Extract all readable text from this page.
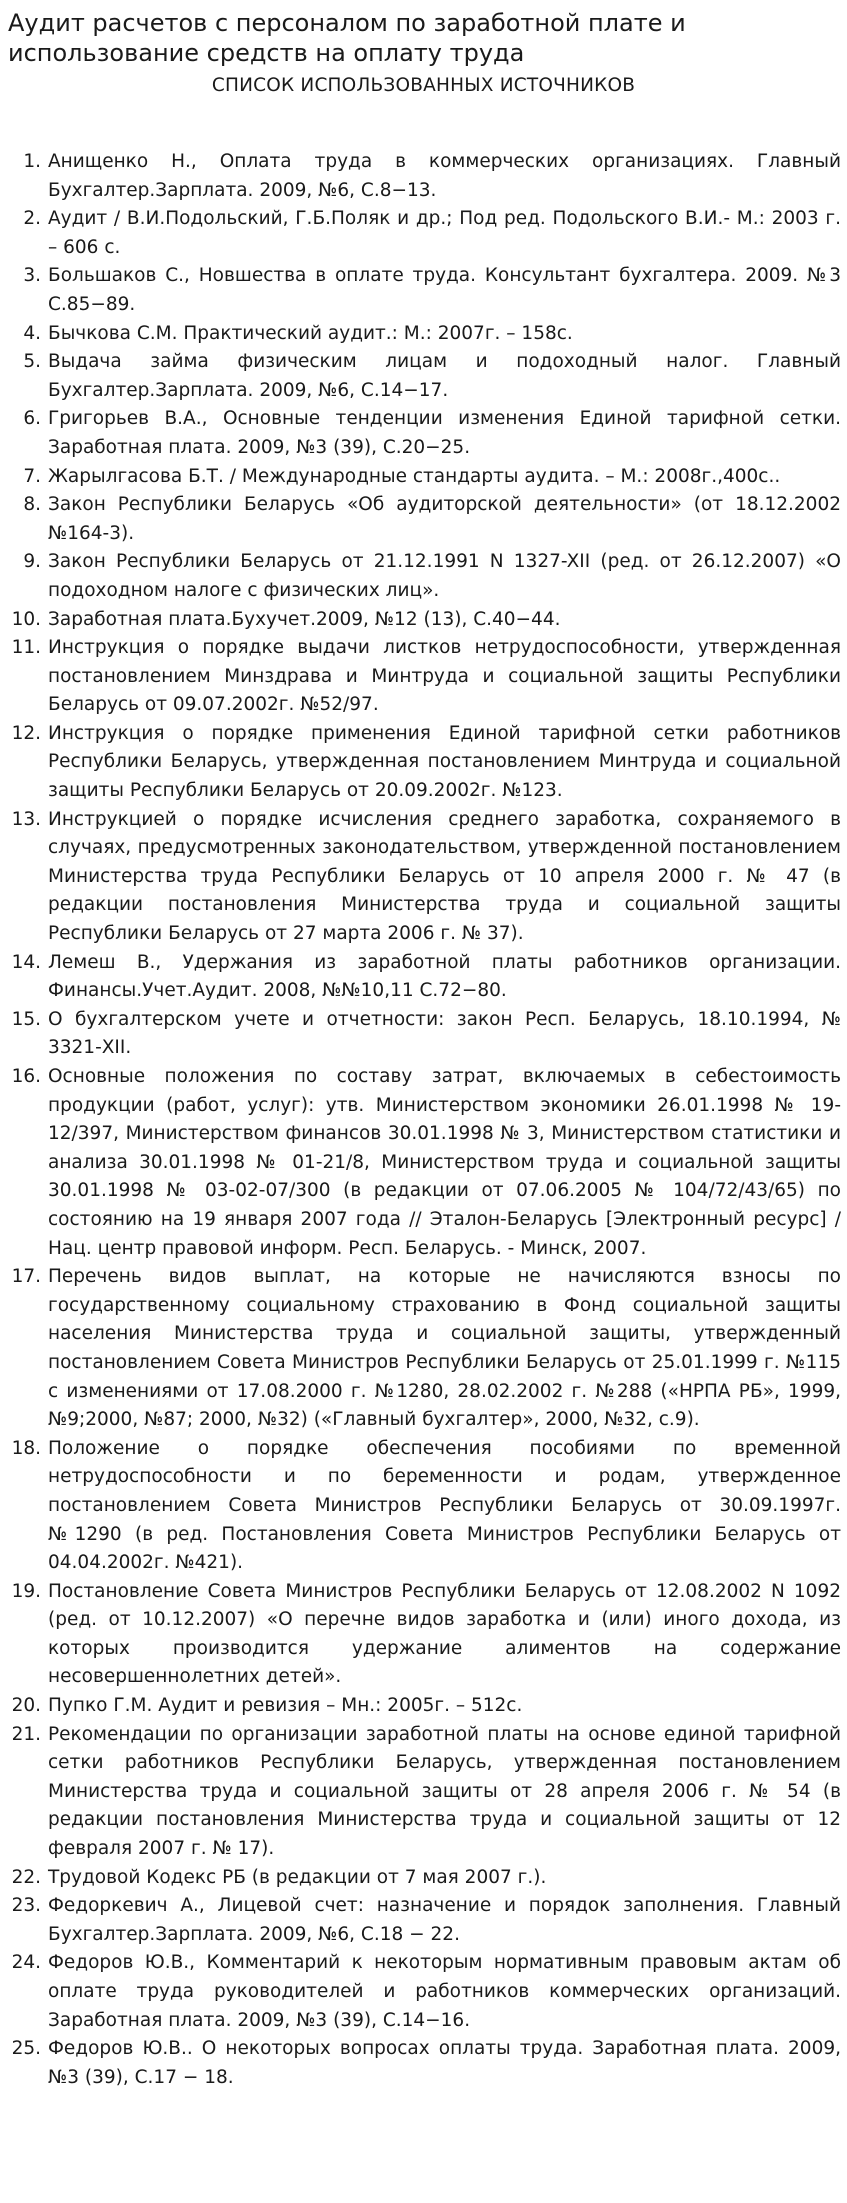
Аудит расчетов с персоналом по заработной плате и использование средств на оплату труда
СПИСОК ИСПОЛЬЗОВАННЫХ ИСТОЧНИКОВ
1. Анищенко Н., Оплата труда в коммерческих организациях. Главный Бухгалтер.Зарплата. 2009, №6, С.8−13.
2. Аудит / В.И.Подольский, Г.Б.Поляк и др.; Под ред. Подольского В.И.- М.: 2003 г. – 606 с.
3. Большаков С., Новшества в оплате труда. Консультант бухгалтера. 2009. №3 С.85−89.
4. Бычкова С.М. Практический аудит.: М.: 2007г. – 158с.
5. Выдача займа физическим лицам и подоходный налог. Главный Бухгалтер.Зарплата. 2009, №6, С.14−17.
6. Григорьев В.А., Основные тенденции изменения Единой тарифной сетки. Заработная плата. 2009, №3 (39), С.20−25.
7. Жарылгасова Б.Т. / Международные стандарты аудита. – М.: 2008г.,400с..
8. Закон Республики Беларусь «Об аудиторской деятельности» (от 18.12.2002 №164-3).
9. Закон Республики Беларусь от 21.12.1991 N 1327-XII (ред. от 26.12.2007) «О подоходном налоге с физических лиц».
10. Заработная плата.Бухучет.2009, №12 (13), С.40−44.
11. Инструкция о порядке выдачи листков нетрудоспособности, утвержденная постановлением Минздрава и Минтруда и социальной защиты Республики Беларусь от 09.07.2002г. №52/97.
12. Инструкция о порядке применения Единой тарифной сетки работников Республики Беларусь, утвержденная постановлением Минтруда и социальной защиты Республики Беларусь от 20.09.2002г. №123.
13. Инструкцией о порядке исчисления среднего заработка, сохраняемого в случаях, предусмотренных законодательством, утвержденной постановлением Министерства труда Республики Беларусь от 10 апреля 2000 г. № 47 (в редакции постановления Министерства труда и социальной защиты Республики Беларусь от 27 марта 2006 г. № 37).
14. Лемеш В., Удержания из заработной платы работников организации. Финансы.Учет.Аудит. 2008, №№10,11 С.72−80.
15. О бухгалтерском учете и отчетности: закон Респ. Беларусь, 18.10.1994, № 3321-XII.
16. Основные положения по составу затрат, включаемых в себестоимость продукции (работ, услуг): утв. Министерством экономики 26.01.1998 № 19-12/397, Министерством финансов 30.01.1998 № 3, Министерством статистики и анализа 30.01.1998 № 01-21/8, Министерством труда и социальной защиты 30.01.1998 № 03-02-07/300 (в редакции от 07.06.2005 № 104/72/43/65) по состоянию на 19 января 2007 года // Эталон-Беларусь [Электронный ресурс] / Нац. центр правовой информ. Респ. Беларусь. - Минск, 2007.
17. Перечень видов выплат, на которые не начисляются взносы по государственному социальному страхованию в Фонд социальной защиты населения Министерства труда и социальной защиты, утвержденный постановлением Совета Министров Республики Беларусь от 25.01.1999 г. №115 с изменениями от 17.08.2000 г. №1280, 28.02.2002 г. №288 («НРПА РБ», 1999, №9;2000, №87; 2000, №32) («Главный бухгалтер», 2000, №32, с.9).
18. Положение о порядке обеспечения пособиями по временной нетрудоспособности и по беременности и родам, утвержденное постановлением Совета Министров Республики Беларусь от 30.09.1997г. №1290 (в ред. Постановления Совета Министров Республики Беларусь от 04.04.2002г. №421).
19. Постановление Совета Министров Республики Беларусь от 12.08.2002 N 1092 (ред. от 10.12.2007) «О перечне видов заработка и (или) иного дохода, из которых производится удержание алиментов на содержание несовершеннолетних детей».
20. Пупко Г.М. Аудит и ревизия – Мн.: 2005г. – 512с.
21. Рекомендации по организации заработной платы на основе единой тарифной сетки работников Республики Беларусь, утвержденная постановлением Министерства труда и социальной защиты от 28 апреля 2006 г. № 54 (в редакции постановления Министерства труда и социальной защиты от 12 февраля 2007 г. № 17).
22. Трудовой Кодекс РБ (в редакции от 7 мая 2007 г.).
23. Федоркевич А., Лицевой счет: назначение и порядок заполнения. Главный Бухгалтер.Зарплата. 2009, №6, С.18 − 22.
24. Федоров Ю.В., Комментарий к некоторым нормативным правовым актам об оплате труда руководителей и работников коммерческих организаций. Заработная плата. 2009, №3 (39), С.14−16.
25. Федоров Ю.В.. О некоторых вопросах оплаты труда. Заработная плата. 2009, №3 (39), С.17 − 18.
